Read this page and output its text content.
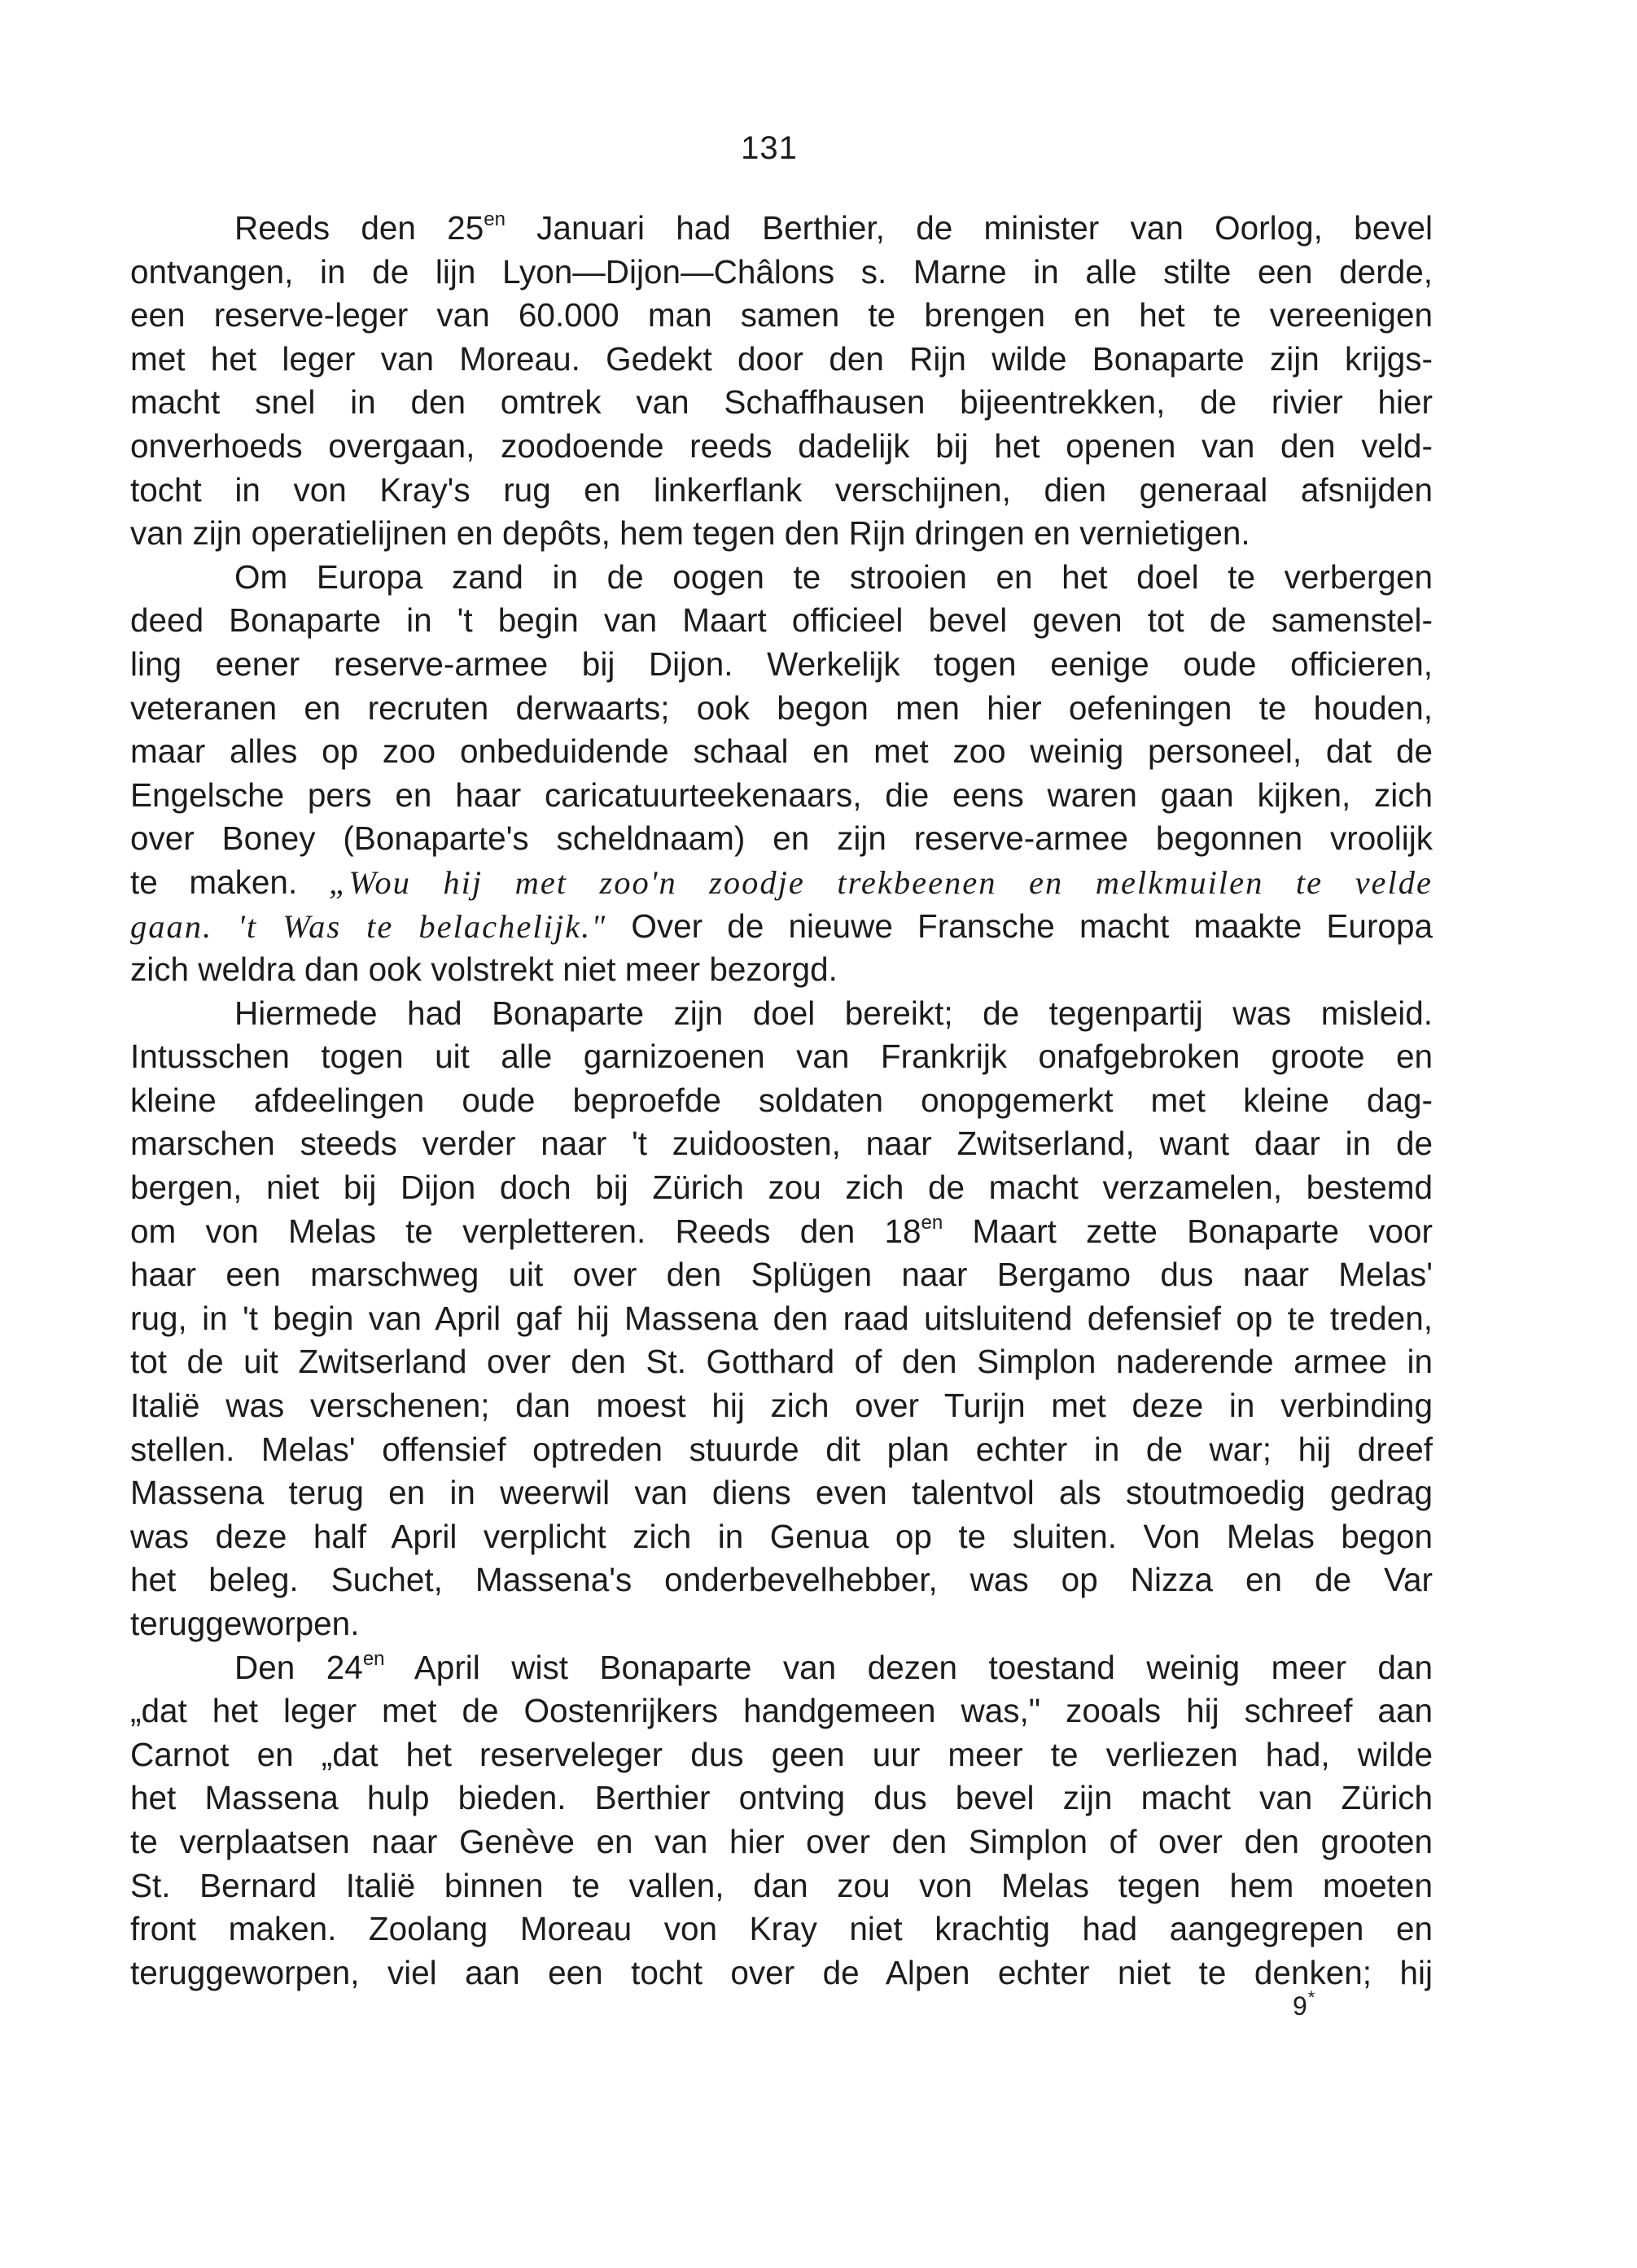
131
Reeds den $25^{en}$ Januari had Berthier, de minister van Oorlog, bevel
ontvangen, in de lijn Lyon—Dijon—Châlons s. Marne in alle stilte een derde,
een reserve-leger van 60.000 man samen te brengen en het te vereenigen
met het leger van Moreau. Gedekt door den Rijn wilde Bonaparte zijn krijgs-
macht snel in den omtrek van Schaffhausen bijeentrekken, de rivier hier
onverhoeds overgaan, zoodoende reeds dadelijk bij het openen van den veld-
tocht in von Kray's rug en linkerflank verschijnen, dien generaal afsnijden
van zijn operatielijnen en depôts, hem tegen den Rijn dringen en vernietigen.
Om Europa zand in de oogen te strooien en het doel te verbergen
deed Bonaparte in 't begin van Maart officieel bevel geven tot de samenstel-
ling eener reserve-armee bij Dijon. Werkelijk togen eenige oude officieren,
veteranen en recruten derwaarts; ook begon men hier oefeningen te houden,
maar alles op zoo onbeduidende schaal en met zoo weinig personeel, dat de
Engelsche pers en haar caricatuurteekenaars, die eens waren gaan kijken, zich
over Boney (Bonaparte's scheldnaam) en zijn reserve-armee begonnen vroolijk
te maken. „Wou hij met zoo'n zoodje trekbeenen en melkmuilen te velde
gaan. 't Was te belachelijk." Over de nieuwe Fransche macht maakte Europa
zich weldra dan ook volstrekt niet meer bezorgd.
Hiermede had Bonaparte zijn doel bereikt; de tegenpartij was misleid.
Intusschen togen uit alle garnizoenen van Frankrijk onafgebroken groote en
kleine afdeelingen oude beproefde soldaten onopgemerkt met kleine dag-
marschen steeds verder naar 't zuidoosten, naar Zwitserland, want daar in de
bergen, niet bij Dijon doch bij Zürich zou zich de macht verzamelen, bestemd
om von Melas te verpletteren. Reeds den $18^{en}$ Maart zette Bonaparte voor
haar een marschweg uit over den Splügen naar Bergamo dus naar Melas'
rug, in 't begin van April gaf hij Massena den raad uitsluitend defensief op te treden,
tot de uit Zwitserland over den St. Gotthard of den Simplon naderende armee in
Italië was verschenen; dan moest hij zich over Turijn met deze in verbinding
stellen. Melas' offensief optreden stuurde dit plan echter in de war; hij dreef
Massena terug en in weerwil van diens even talentvol als stoutmoedig gedrag
was deze half April verplicht zich in Genua op te sluiten. Von Melas begon
het beleg. Suchet, Massena's onderbevelhebber, was op Nizza en de Var
teruggeworpen.
Den $24^{en}$ April wist Bonaparte van dezen toestand weinig meer dan
„dat het leger met de Oostenrijkers handgemeen was," zooals hij schreef aan
Carnot en „dat het reserveleger dus geen uur meer te verliezen had, wilde
het Massena hulp bieden. Berthier ontving dus bevel zijn macht van Zürich
te verplaatsen naar Genève en van hier over den Simplon of over den grooten
St. Bernard Italië binnen te vallen, dan zou von Melas tegen hem moeten
front maken. Zoolang Moreau von Kray niet krachtig had aangegrepen en
teruggeworpen, viel aan een tocht over de Alpen echter niet te denken; hij
9*
